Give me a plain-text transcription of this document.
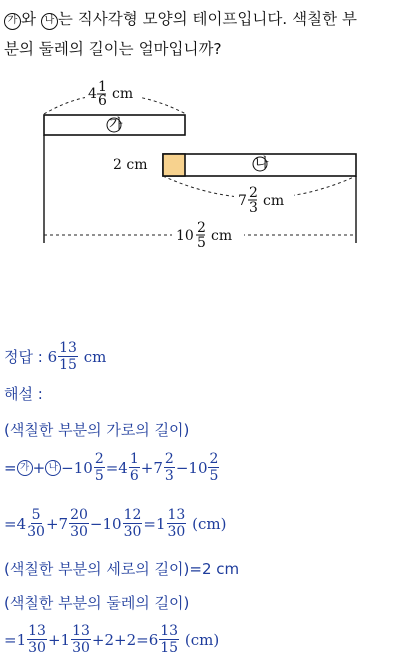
가 와 나 는 직사각형 모양의 테이프입니다. 색칠한 부
분의 둘레의 길이는 얼마입니까?
4 1
6 cm
가
나
2 cm
7 2
3 cm
10 2
5 cm
정답 :
$6 \frac{13}{15}$
cm
해설 :
(색칠한 부분의 가로의 길이)
= 가 + 나 $-10 \frac{2}{5} =4 \frac{1}{6} +7 \frac{2}{3} -10 \frac{2}{5}$
$=4 \frac{5}{30} +7 \frac{20}{30} -10 \frac{12}{30} =1 \frac{13}{30}$
(cm)
(색칠한 부분의 세로의 길이)=2 cm
(색칠한 부분의 둘레의 길이)
$=1 \frac{13}{30} +1 \frac{13}{30} +2+2=6 \frac{13}{15}$
(cm)
